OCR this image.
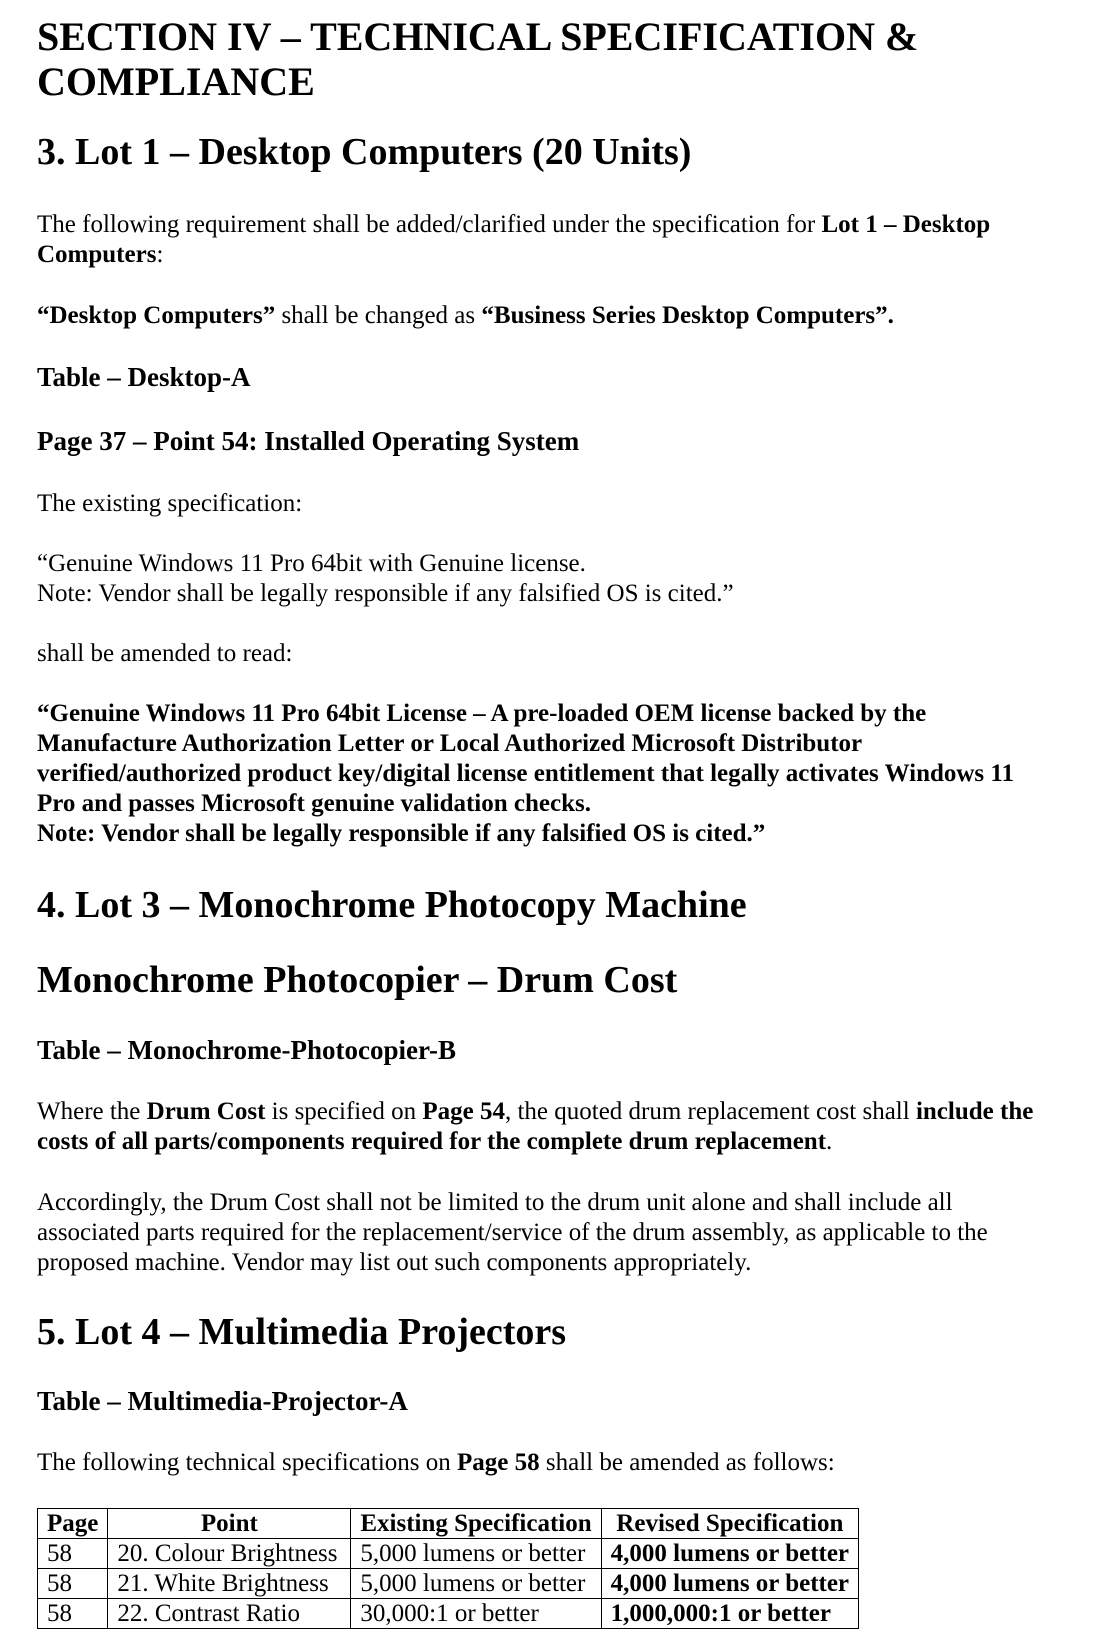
SECTION IV – TECHNICAL SPECIFICATION & COMPLIANCE
3. Lot 1 – Desktop Computers (20 Units)

The following requirement shall be added/clarified under the specification for Lot 1 – Desktop Computers:

“Desktop Computers” shall be changed as “Business Series Desktop Computers”.

Table – Desktop-A
Page 37 – Point 54: Installed Operating System

The existing specification:

“Genuine Windows 11 Pro 64bit with Genuine license.

Note: Vendor shall be legally responsible if any falsified OS is cited.”

shall be amended to read:

“Genuine Windows 11 Pro 64bit License – A pre-loaded OEM license backed by the Manufacture Authorization Letter or Local Authorized Microsoft Distributor verified/authorized product key/digital license entitlement that legally activates Windows 11 Pro and passes Microsoft genuine validation checks.

Note: Vendor shall be legally responsible if any falsified OS is cited.”

4. Lot 3 – Monochrome Photocopy Machine
Monochrome Photocopier – Drum Cost
Table – Monochrome-Photocopier-B

Where the Drum Cost is specified on Page 54, the quoted drum replacement cost shall include the costs of all parts/components required for the complete drum replacement.

Accordingly, the Drum Cost shall not be limited to the drum unit alone and shall include all associated parts required for the replacement/service of the drum assembly, as applicable to the proposed machine. Vendor may list out such components appropriately.

5. Lot 4 – Multimedia Projectors
Table – Multimedia-Projector-A

The following technical specifications on Page 58 shall be amended as follows:

Page	Point	Existing Specification	Revised Specification
58	20. Colour Brightness	5,000 lumens or better	4,000 lumens or better
58	21. White Brightness	5,000 lumens or better	4,000 lumens or better
58	22. Contrast Ratio	30,000:1 or better	1,000,000:1 or better
